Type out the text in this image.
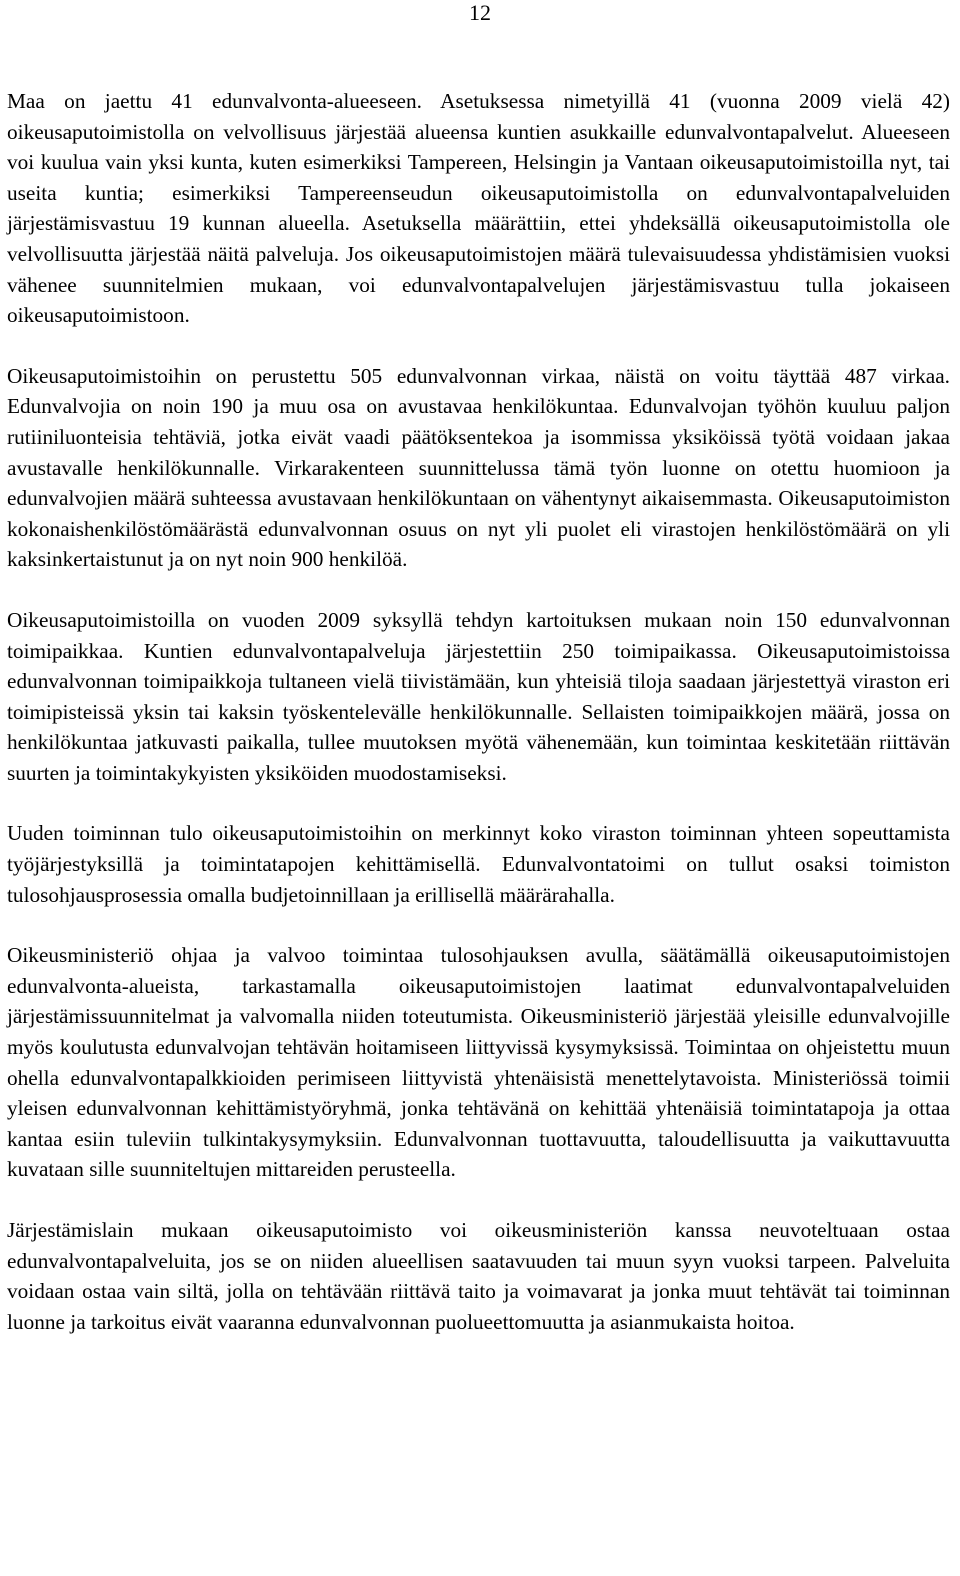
12

Maa on jaettu 41 edunvalvonta-alueeseen. Asetuksessa nimetyillä 41 (vuonna 2009 vielä 42) oikeusaputoimistolla on velvollisuus järjestää alueensa kuntien asukkaille edunvalvontapalvelut. Alueeseen voi kuulua vain yksi kunta, kuten esimerkiksi Tampereen, Helsingin ja Vantaan oikeusaputoimistoilla nyt, tai useita kuntia; esimerkiksi Tampereenseudun oikeusaputoimistolla on edunvalvontapalveluiden järjestämisvastuu 19 kunnan alueella. Asetuksella määrättiin, ettei yhdeksällä oikeusaputoimistolla ole velvollisuutta järjestää näitä palveluja. Jos oikeusaputoimistojen määrä tulevaisuudessa yhdistämisien vuoksi vähenee suunnitelmien mukaan, voi edunvalvontapalvelujen järjestämisvastuu tulla jokaiseen oikeusaputoimistoon.

Oikeusaputoimistoihin on perustettu 505 edunvalvonnan virkaa, näistä on voitu täyttää 487 virkaa. Edunvalvojia on noin 190 ja muu osa on avustavaa henkilökuntaa. Edunvalvojan työhön kuuluu paljon rutiiniluonteisia tehtäviä, jotka eivät vaadi päätöksentekoa ja isommissa yksiköissä työtä voidaan jakaa avustavalle henkilökunnalle. Virkarakenteen suunnittelussa tämä työn luonne on otettu huomioon ja edunvalvojien määrä suhteessa avustavaan henkilökuntaan on vähentynyt aikaisemmasta. Oikeusaputoimiston kokonaishenkilöstömäärästä edunvalvonnan osuus on nyt yli puolet eli virastojen henkilöstömäärä on yli kaksinkertaistunut ja on nyt noin 900 henkilöä.

Oikeusaputoimistoilla on vuoden 2009 syksyllä tehdyn kartoituksen mukaan noin 150 edunvalvonnan toimipaikkaa. Kuntien edunvalvontapalveluja järjestettiin 250 toimipaikassa. Oikeusaputoimistoissa edunvalvonnan toimipaikkoja tultaneen vielä tiivistämään, kun yhteisiä tiloja saadaan järjestettyä viraston eri toimipisteissä yksin tai kaksin työskentelevälle henkilökunnalle. Sellaisten toimipaikkojen määrä, jossa on henkilökuntaa jatkuvasti paikalla, tullee muutoksen myötä vähenemään, kun toimintaa keskitetään riittävän suurten ja toimintakykyisten yksiköiden muodostamiseksi.

Uuden toiminnan tulo oikeusaputoimistoihin on merkinnyt koko viraston toiminnan yhteen sopeuttamista työjärjestyksillä ja toimintatapojen kehittämisellä. Edunvalvontatoimi on tullut osaksi toimiston tulosohjausprosessia omalla budjetoinnillaan ja erillisellä määrärahalla.

Oikeusministeriö ohjaa ja valvoo toimintaa tulosohjauksen avulla, säätämällä oikeusaputoimistojen edunvalvonta-alueista, tarkastamalla oikeusaputoimistojen laatimat edunvalvontapalveluiden järjestämissuunnitelmat ja valvomalla niiden toteutumista. Oikeusministeriö järjestää yleisille edunvalvojille myös koulutusta edunvalvojan tehtävän hoitamiseen liittyvissä kysymyksissä. Toimintaa on ohjeistettu muun ohella edunvalvontapalkkioiden perimiseen liittyvistä yhtenäisistä menettelytavoista. Ministeriössä toimii yleisen edunvalvonnan kehittämistyöryhmä, jonka tehtävänä on kehittää yhtenäisiä toimintatapoja ja ottaa kantaa esiin tuleviin tulkintakysymyksiin. Edunvalvonnan tuottavuutta, taloudellisuutta ja vaikuttavuutta kuvataan sille suunniteltujen mittareiden perusteella.

Järjestämislain mukaan oikeusaputoimisto voi oikeusministeriön kanssa neuvoteltuaan ostaa edunvalvontapalveluita, jos se on niiden alueellisen saatavuuden tai muun syyn vuoksi tarpeen. Palveluita voidaan ostaa vain siltä, jolla on tehtävään riittävä taito ja voimavarat ja jonka muut tehtävät tai toiminnan luonne ja tarkoitus eivät vaaranna edunvalvonnan puolueettomuutta ja asianmukaista hoitoa.
